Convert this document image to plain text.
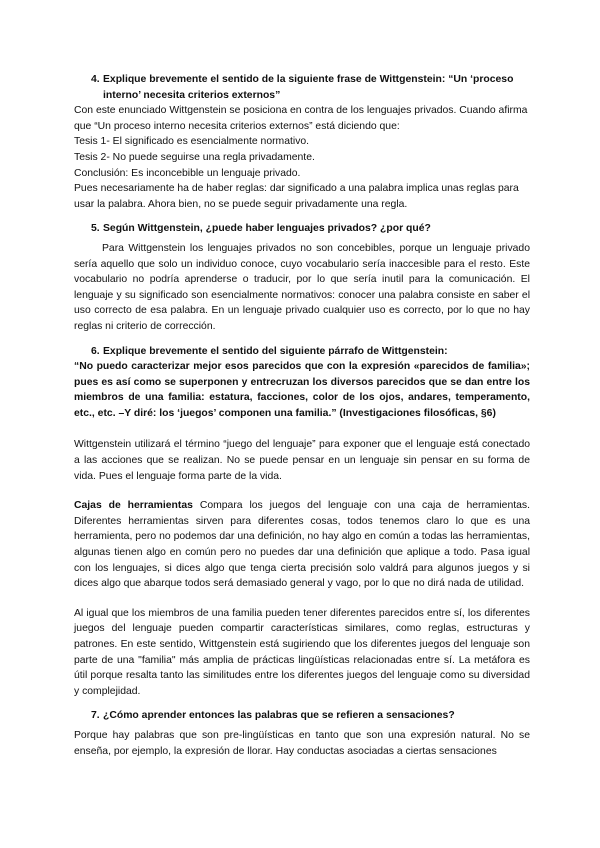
4. Explique brevemente el sentido de la siguiente frase de Wittgenstein: “Un ‘proceso interno’ necesita criterios externos”

Con este enunciado Wittgenstein se posiciona en contra de los lenguajes privados. Cuando afirma que “Un proceso interno necesita criterios externos” está diciendo que:

Tesis 1- El significado es esencialmente normativo.

Tesis 2- No puede seguirse una regla privadamente.

Conclusión: Es inconcebible un lenguaje privado.

Pues necesariamente ha de haber reglas: dar significado a una palabra implica unas reglas para usar la palabra. Ahora bien, no se puede seguir privadamente una regla.

5. Según Wittgenstein, ¿puede haber lenguajes privados? ¿por qué?

Para Wittgenstein los lenguajes privados no son concebibles, porque un lenguaje privado sería aquello que solo un individuo conoce, cuyo vocabulario sería inaccesible para el resto. Este vocabulario no podría aprenderse o traducir, por lo que sería inutil para la comunicación. El lenguaje y su significado son esencialmente normativos: conocer una palabra consiste en saber el uso correcto de esa palabra. En un lenguaje privado cualquier uso es correcto, por lo que no hay reglas ni criterio de corrección.

6. Explique brevemente el sentido del siguiente párrafo de Wittgenstein:

“No puedo caracterizar mejor esos parecidos que con la expresión «parecidos de familia»; pues es así como se superponen y entrecruzan los diversos parecidos que se dan entre los miembros de una familia: estatura, facciones, color de los ojos, andares, temperamento, etc., etc. –Y diré: los ‘juegos’ componen una familia.” (Investigaciones filosóficas, §6)

Wittgenstein utilizará el término “juego del lenguaje” para exponer que el lenguaje está conectado a las acciones que se realizan. No se puede pensar en un lenguaje sin pensar en su forma de vida. Pues el lenguaje forma parte de la vida.

Cajas de herramientas Compara los juegos del lenguaje con una caja de herramientas. Diferentes herramientas sirven para diferentes cosas, todos tenemos claro lo que es una herramienta, pero no podemos dar una definición, no hay algo en común a todas las herramientas, algunas tienen algo en común pero no puedes dar una definición que aplique a todo. Pasa igual con los lenguajes, si dices algo que tenga cierta precisión solo valdrá para algunos juegos y si dices algo que abarque todos será demasiado general y vago, por lo que no dirá nada de utilidad.

Al igual que los miembros de una familia pueden tener diferentes parecidos entre sí, los diferentes juegos del lenguaje pueden compartir características similares, como reglas, estructuras y patrones. En este sentido, Wittgenstein está sugiriendo que los diferentes juegos del lenguaje son parte de una "familia" más amplia de prácticas lingüísticas relacionadas entre sí. La metáfora es útil porque resalta tanto las similitudes entre los diferentes juegos del lenguaje como su diversidad y complejidad.

7. ¿Cómo aprender entonces las palabras que se refieren a sensaciones?

Porque hay palabras que son pre-lingüísticas en tanto que son una expresión natural. No se enseña, por ejemplo, la expresión de llorar. Hay conductas asociadas a ciertas sensaciones
